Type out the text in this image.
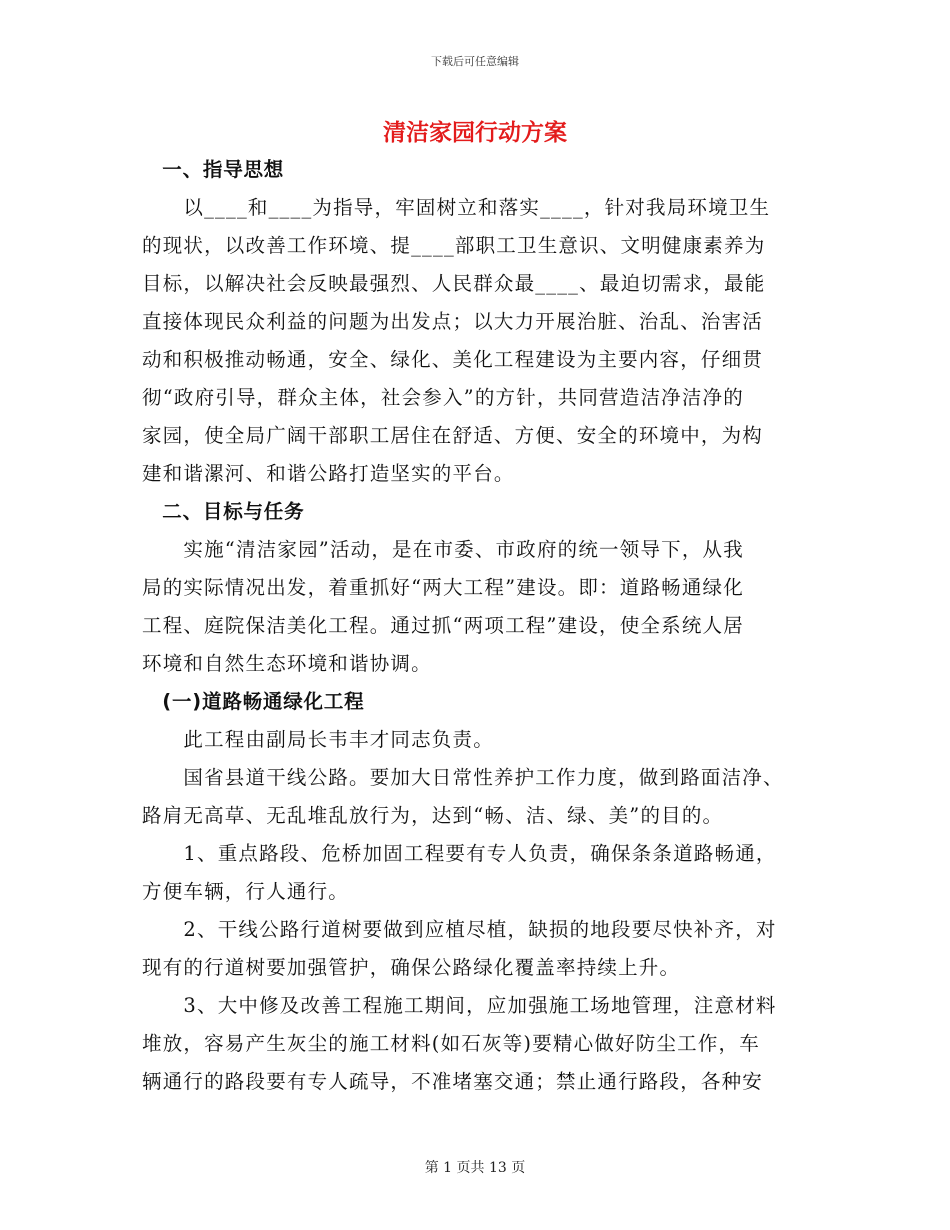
下载后可任意编辑
清洁家园行动方案
　一、指导思想
　　以____和____为指导，牢固树立和落实____，针对我局环境卫生
的现状，以改善工作环境、提____部职工卫生意识、文明健康素养为
目标，以解决社会反映最强烈、人民群众最____、最迫切需求，最能
直接体现民众利益的问题为出发点；以大力开展治脏、治乱、治害活
动和积极推动畅通，安全、绿化、美化工程建设为主要内容，仔细贯
彻“政府引导，群众主体，社会参入”的方针，共同营造洁净洁净的
家园，使全局广阔干部职工居住在舒适、方便、安全的环境中，为构
建和谐漯河、和谐公路打造坚实的平台。
　二、目标与任务
　　实施“清洁家园”活动，是在市委、市政府的统一领导下，从我
局的实际情况出发，着重抓好“两大工程”建设。即：道路畅通绿化
工程、庭院保洁美化工程。通过抓“两项工程”建设，使全系统人居
环境和自然生态环境和谐协调。
　(一)道路畅通绿化工程
　　此工程由副局长韦丰才同志负责。
　　国省县道干线公路。要加大日常性养护工作力度，做到路面洁净、
路肩无高草、无乱堆乱放行为，达到“畅、洁、绿、美”的目的。
　　1、重点路段、危桥加固工程要有专人负责，确保条条道路畅通，
方便车辆，行人通行。
　　2、干线公路行道树要做到应植尽植，缺损的地段要尽快补齐，对
现有的行道树要加强管护，确保公路绿化覆盖率持续上升。
　　3、大中修及改善工程施工期间，应加强施工场地管理，注意材料
堆放，容易产生灰尘的施工材料(如石灰等)要精心做好防尘工作，车
辆通行的路段要有专人疏导，不准堵塞交通；禁止通行路段，各种安
第 1 页共 13 页
